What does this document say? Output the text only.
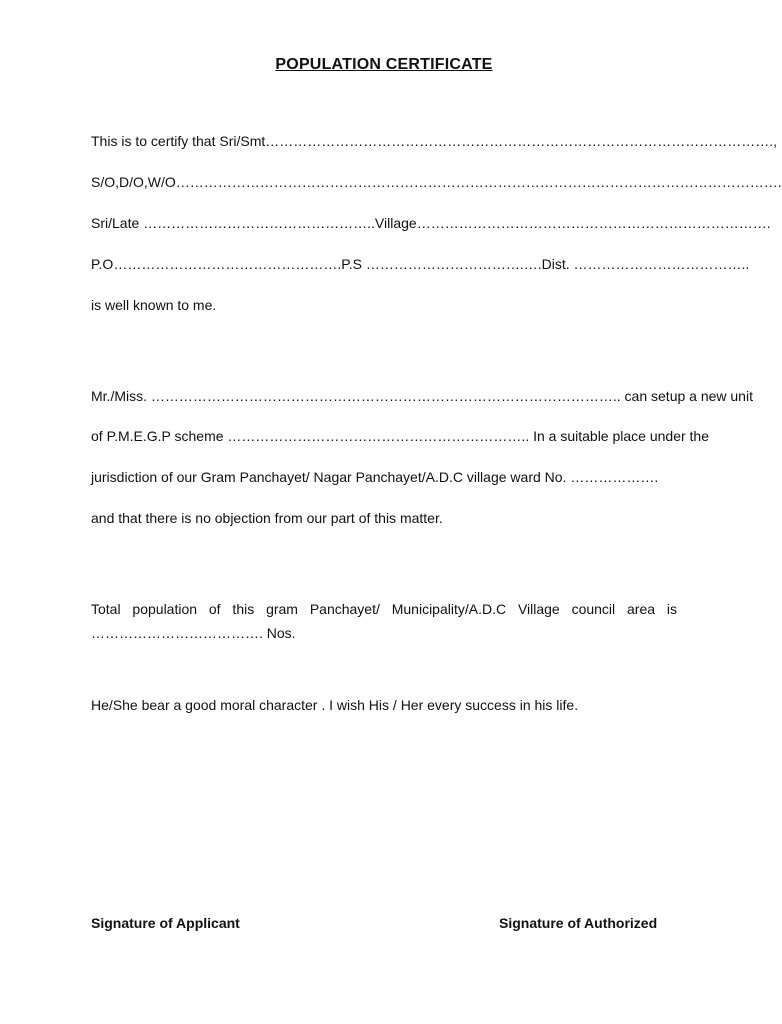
POPULATION CERTIFICATE
This is to certify that Sri/Smt……………………………………………………………………………………………….,
S/O,D/O,W/O………………………………………………………………………………………………………………….
Sri/Late …………………………………………..Village………………………………………………………………….
P.O………………………………………….P.S …………………………….….Dist. ………………………………..
is well known to me.
Mr./Miss. ……………………………………………………………………………………….. can setup a new unit
of P.M.E.G.P scheme ……………………………………………………….. In a suitable place under the
jurisdiction of our Gram Panchayet/ Nagar Panchayet/A.D.C village ward No. ……………….
and that there is no objection from our part of this matter.
Total population of this gram Panchayet/ Municipality/A.D.C Village council area is ………………………………. Nos.
He/She bear a good moral character . I wish His / Her every success in his life.
Signature of Applicant	Signature of Authorized
